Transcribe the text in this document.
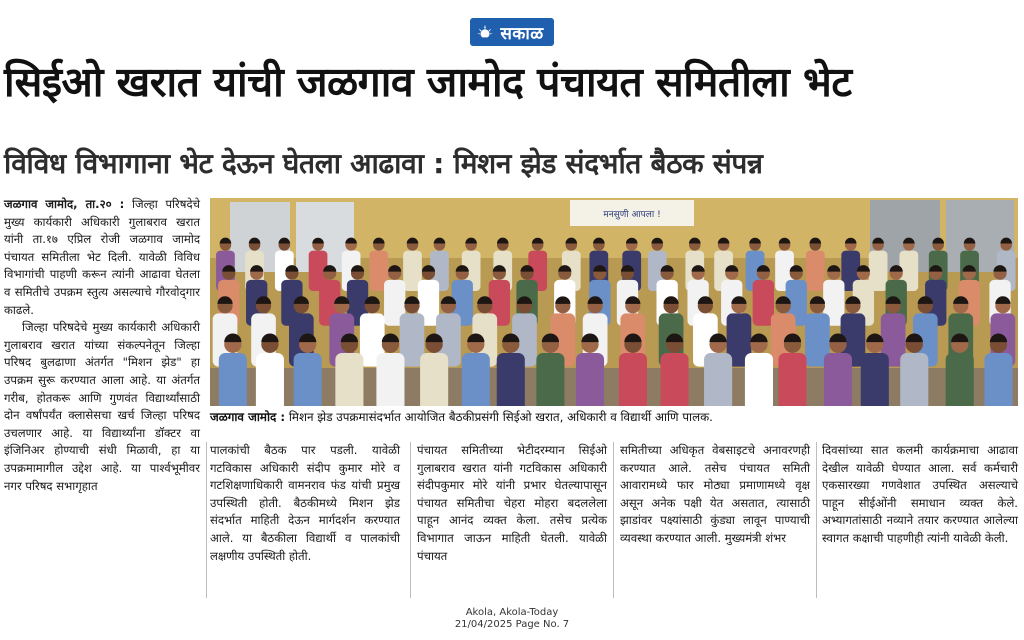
सकाळ
सिईओ खरात यांची जळगाव जामोद पंचायत समितीला भेट
विविध विभागाना भेट देऊन घेतला आढावा : मिशन झेड संदर्भात बैठक संपन्न

जळगाव जामोद, ता.२० : जिल्हा परिषदेचे मुख्य कार्यकारी अधिकारी गुलाबराव खरात यांनी ता.१७ एप्रिल रोजी जळगाव जामोद पंचायत समितीला भेट दिली. यावेळी विविध विभागांची पाहणी करून त्यांनी आढावा घेतला व समितीचे उपक्रम स्तुत्य असल्याचे गौरवोद्‌गार काढले.

जिल्हा परिषदेचे मुख्य कार्यकारी अधिकारी गुलाबराव खरात यांच्या संकल्पनेतून जिल्हा परिषद बुलढाणा अंतर्गत "मिशन झेड" हा उपक्रम सुरू करण्यात आला आहे. या अंतर्गत गरीब, होतकरू आणि गुणवंत विद्यार्थ्यांसाठी दोन वर्षांपर्यंत क्लासेसचा खर्च जिल्हा परिषद उचलणार आहे. या विद्यार्थ्यांना डॉक्टर वा इंजिनिअर होण्याची संधी मिळावी, हा या उपक्रमामागील उद्देश आहे. या पार्श्वभूमीवर नगर परिषद सभागृहात

मनसुणी आपला !
जळगाव जामोद : मिशन झेड उपक्रमासंदर्भात आयोजित बैठकीप्रसंगी सिईओ खरात, अधिकारी व विद्यार्थी आणि पालक.

पालकांची बैठक पार पडली. यावेळी गटविकास अधिकारी संदीप कुमार मोरे व गटशिक्षणाधिकारी वामनराव फंड यांची प्रमुख उपस्थिती होती. बैठकीमध्ये मिशन झेड संदर्भात माहिती देऊन मार्गदर्शन करण्यात आले. या बैठकीला विद्यार्थी व पालकांची लक्षणीय उपस्थिती होती.

पंचायत समितीच्या भेटीदरम्यान सिईओ गुलाबराव खरात यांनी गटविकास अधिकारी संदीपकुमार मोरे यांनी प्रभार घेतल्यापासून पंचायत समितीचा चेहरा मोहरा बदललेला पाहून आनंद व्यक्त केला. तसेच प्रत्येक विभागात जाऊन माहिती घेतली. यावेळी पंचायत

समितीच्या अधिकृत वेबसाइटचे अनावरणही करण्यात आले. तसेच पंचायत समिती आवारामध्ये फार मोठ्या प्रमाणामध्ये वृक्ष असून अनेक पक्षी येत असतात, त्यासाठी झाडांवर पक्ष्यांसाठी कुंड्या लावून पाण्याची व्यवस्था करण्यात आली. मुख्यमंत्री शंभर

दिवसांच्या सात कलमी कार्यक्रमाचा आढावा देखील यावेळी घेण्यात आला. सर्व कर्मचारी एकसारख्या गणवेशात उपस्थित असल्याचे पाहून सीईओंनी समाधान व्यक्त केले. अभ्यागतांसाठी नव्याने तयार करण्यात आलेल्या स्वागत कक्षाची पाहणीही त्यांनी यावेळी केली.

Akola, Akola-Today
21/04/2025 Page No. 7
